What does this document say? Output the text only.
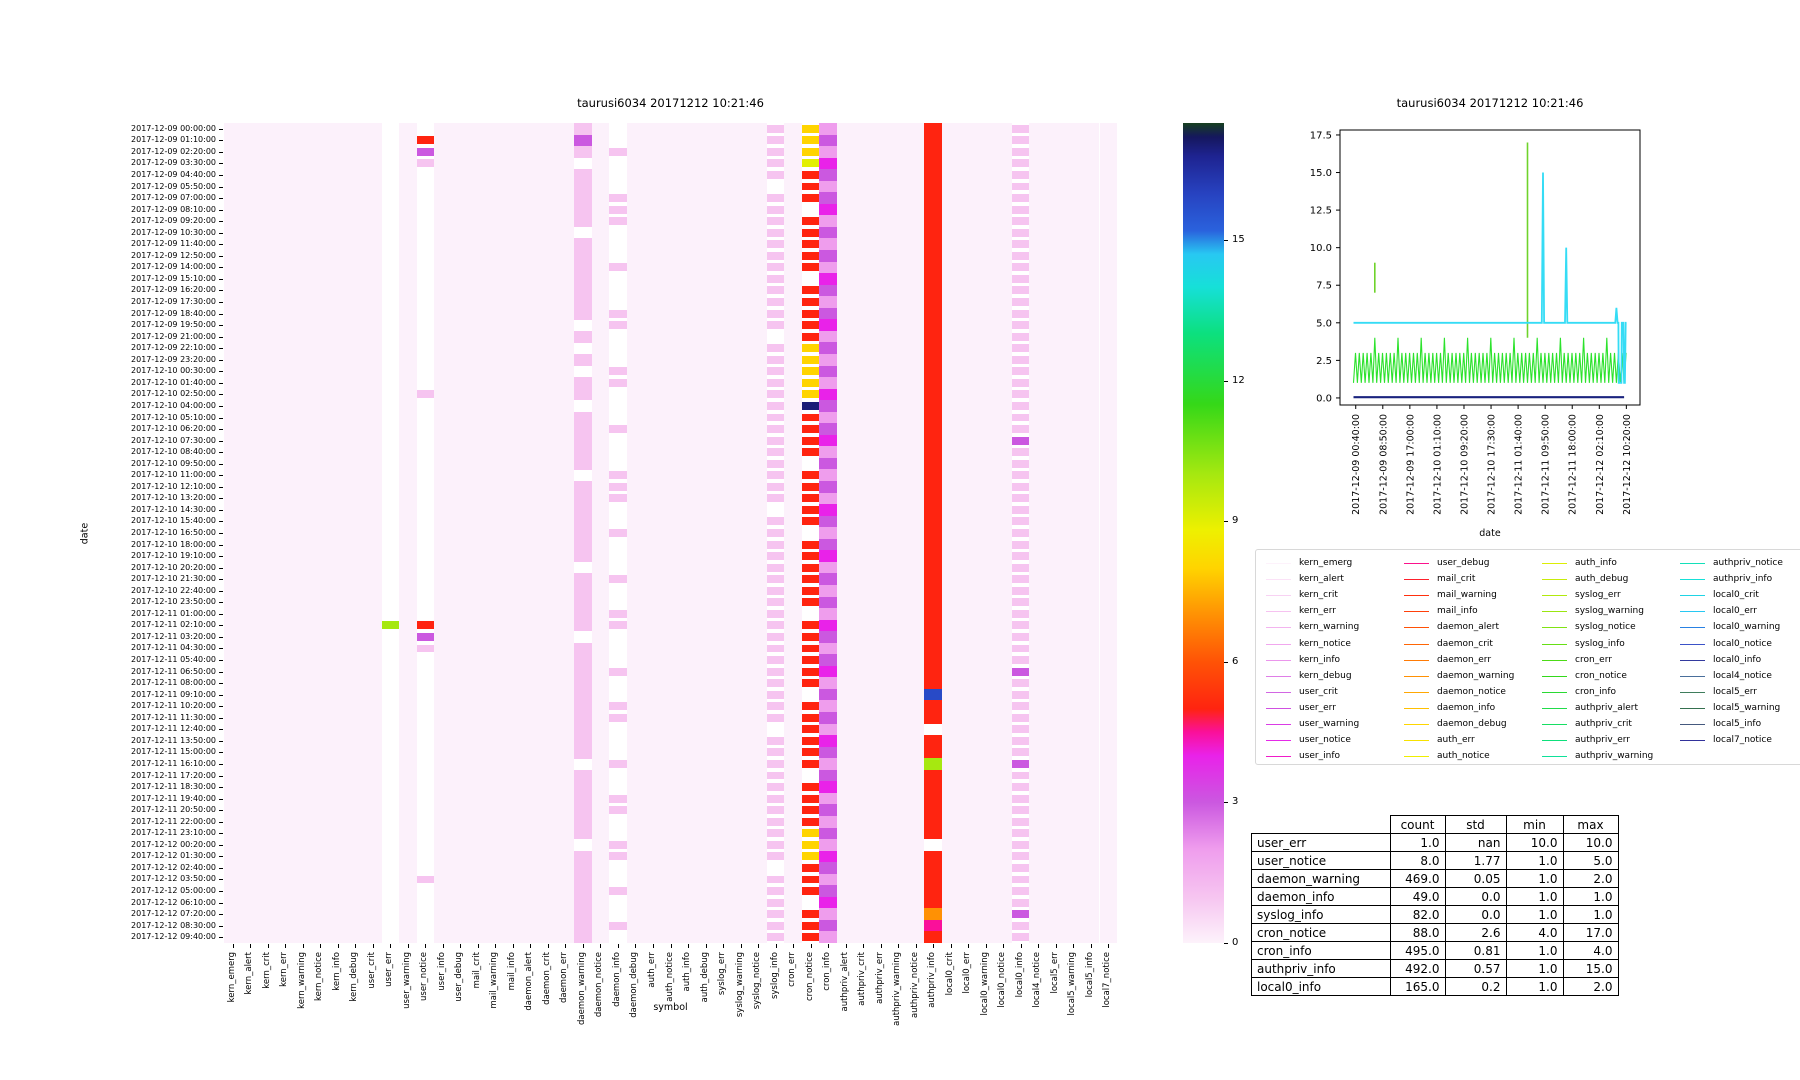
taurusi6034 20171212 10:21:46
2017-12-09 00:00:00
2017-12-09 01:10:00
2017-12-09 02:20:00
2017-12-09 03:30:00
2017-12-09 04:40:00
2017-12-09 05:50:00
2017-12-09 07:00:00
2017-12-09 08:10:00
2017-12-09 09:20:00
2017-12-09 10:30:00
2017-12-09 11:40:00
2017-12-09 12:50:00
2017-12-09 14:00:00
2017-12-09 15:10:00
2017-12-09 16:20:00
2017-12-09 17:30:00
2017-12-09 18:40:00
2017-12-09 19:50:00
2017-12-09 21:00:00
2017-12-09 22:10:00
2017-12-09 23:20:00
2017-12-10 00:30:00
2017-12-10 01:40:00
2017-12-10 02:50:00
2017-12-10 04:00:00
2017-12-10 05:10:00
2017-12-10 06:20:00
2017-12-10 07:30:00
2017-12-10 08:40:00
2017-12-10 09:50:00
2017-12-10 11:00:00
2017-12-10 12:10:00
2017-12-10 13:20:00
2017-12-10 14:30:00
2017-12-10 15:40:00
2017-12-10 16:50:00
2017-12-10 18:00:00
2017-12-10 19:10:00
2017-12-10 20:20:00
2017-12-10 21:30:00
2017-12-10 22:40:00
2017-12-10 23:50:00
2017-12-11 01:00:00
2017-12-11 02:10:00
2017-12-11 03:20:00
2017-12-11 04:30:00
2017-12-11 05:40:00
2017-12-11 06:50:00
2017-12-11 08:00:00
2017-12-11 09:10:00
2017-12-11 10:20:00
2017-12-11 11:30:00
2017-12-11 12:40:00
2017-12-11 13:50:00
2017-12-11 15:00:00
2017-12-11 16:10:00
2017-12-11 17:20:00
2017-12-11 18:30:00
2017-12-11 19:40:00
2017-12-11 20:50:00
2017-12-11 22:00:00
2017-12-11 23:10:00
2017-12-12 00:20:00
2017-12-12 01:30:00
2017-12-12 02:40:00
2017-12-12 03:50:00
2017-12-12 05:00:00
2017-12-12 06:10:00
2017-12-12 07:20:00
2017-12-12 08:30:00
2017-12-12 09:40:00
kern_emerg kern_alert kern_crit kern_err kern_warning kern_notice kern_info kern_debug user_crit user_err user_warning user_notice user_info user_debug mail_crit mail_warning mail_info daemon_alert daemon_crit daemon_err daemon_warning daemon_notice daemon_info daemon_debug auth_err auth_notice auth_info auth_debug syslog_err syslog_warning syslog_notice syslog_info cron_err cron_notice cron_info authpriv_alert authpriv_crit authpriv_err authpriv_warning authpriv_notice authpriv_info local0_crit local0_err local0_warning local0_notice local0_info local4_notice local5_err local5_warning local5_info local7_notice
date
symbol
0
3
6
9
12
15
taurusi6034 20171212 10:21:46
0.0
2.5
5.0
7.5
10.0
12.5
15.0
17.5
2017-12-09 00:40:00 2017-12-09 08:50:00 2017-12-09 17:00:00 2017-12-10 01:10:00 2017-12-10 09:20:00 2017-12-10 17:30:00 2017-12-11 01:40:00 2017-12-11 09:50:00 2017-12-11 18:00:00 2017-12-12 02:10:00 2017-12-12 10:20:00
date
kern_emerg
kern_alert
kern_crit
kern_err
kern_warning
kern_notice
kern_info
kern_debug
user_crit
user_err
user_warning
user_notice
user_info
user_debug
mail_crit
mail_warning
mail_info
daemon_alert
daemon_crit
daemon_err
daemon_warning
daemon_notice
daemon_info
daemon_debug
auth_err
auth_notice
auth_info
auth_debug
syslog_err
syslog_warning
syslog_notice
syslog_info
cron_err
cron_notice
cron_info
authpriv_alert
authpriv_crit
authpriv_err
authpriv_warning
authpriv_notice
authpriv_info
local0_crit
local0_err
local0_warning
local0_notice
local0_info
local4_notice
local5_err
local5_warning
local5_info
local7_notice
	count	std	min	max
user_err	1.0	nan	10.0	10.0
user_notice	8.0	1.77	1.0	5.0
daemon_warning	469.0	0.05	1.0	2.0
daemon_info	49.0	0.0	1.0	1.0
syslog_info	82.0	0.0	1.0	1.0
cron_notice	88.0	2.6	4.0	17.0
cron_info	495.0	0.81	1.0	4.0
authpriv_info	492.0	0.57	1.0	15.0
local0_info	165.0	0.2	1.0	2.0
